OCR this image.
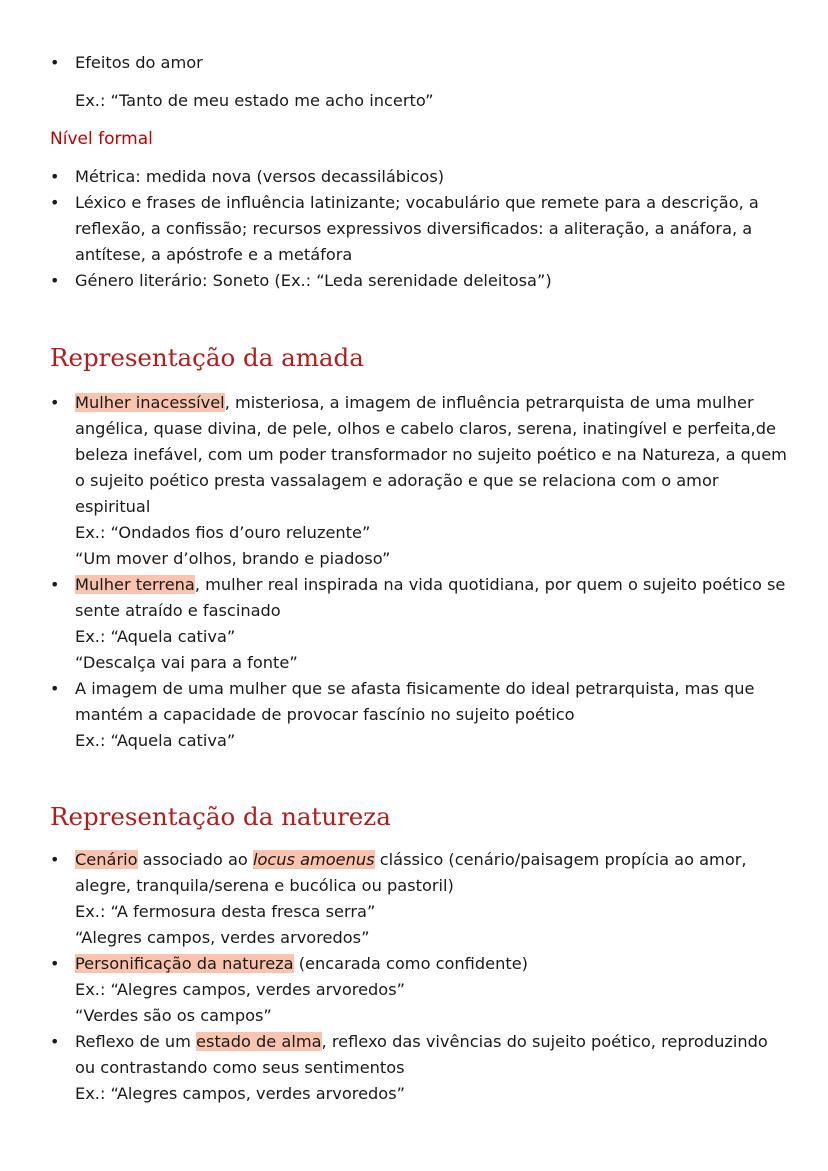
• Efeitos do amor
Ex.: “Tanto de meu estado me acho incerto”
Nível formal
• Métrica: medida nova (versos decassilábicos)
• Léxico e frases de influência latinizante; vocabulário que remete para a descrição, a
reflexão, a confissão; recursos expressivos diversificados: a aliteração, a anáfora, a
antítese, a apóstrofe e a metáfora
• Género literário: Soneto (Ex.: “Leda serenidade deleitosa”)
Representação da amada
• Mulher inacessível, misteriosa, a imagem de influência petrarquista de uma mulher
angélica, quase divina, de pele, olhos e cabelo claros, serena, inatingível e perfeita,de
beleza inefável, com um poder transformador no sujeito poético e na Natureza, a quem
o sujeito poético presta vassalagem e adoração e que se relaciona com o amor
espiritual
Ex.: “Ondados fios d’ouro reluzente”
“Um mover d’olhos, brando e piadoso”
• Mulher terrena, mulher real inspirada na vida quotidiana, por quem o sujeito poético se
sente atraído e fascinado
Ex.: “Aquela cativa”
“Descalça vai para a fonte”
• A imagem de uma mulher que se afasta fisicamente do ideal petrarquista, mas que
mantém a capacidade de provocar fascínio no sujeito poético
Ex.: “Aquela cativa”
Representação da natureza
• Cenário associado ao locus amoenus clássico (cenário/paisagem propícia ao amor,
alegre, tranquila/serena e bucólica ou pastoril)
Ex.: “A fermosura desta fresca serra”
“Alegres campos, verdes arvoredos”
• Personificação da natureza (encarada como confidente)
Ex.: “Alegres campos, verdes arvoredos”
“Verdes são os campos”
• Reflexo de um estado de alma, reflexo das vivências do sujeito poético, reproduzindo
ou contrastando como seus sentimentos
Ex.: “Alegres campos, verdes arvoredos”
